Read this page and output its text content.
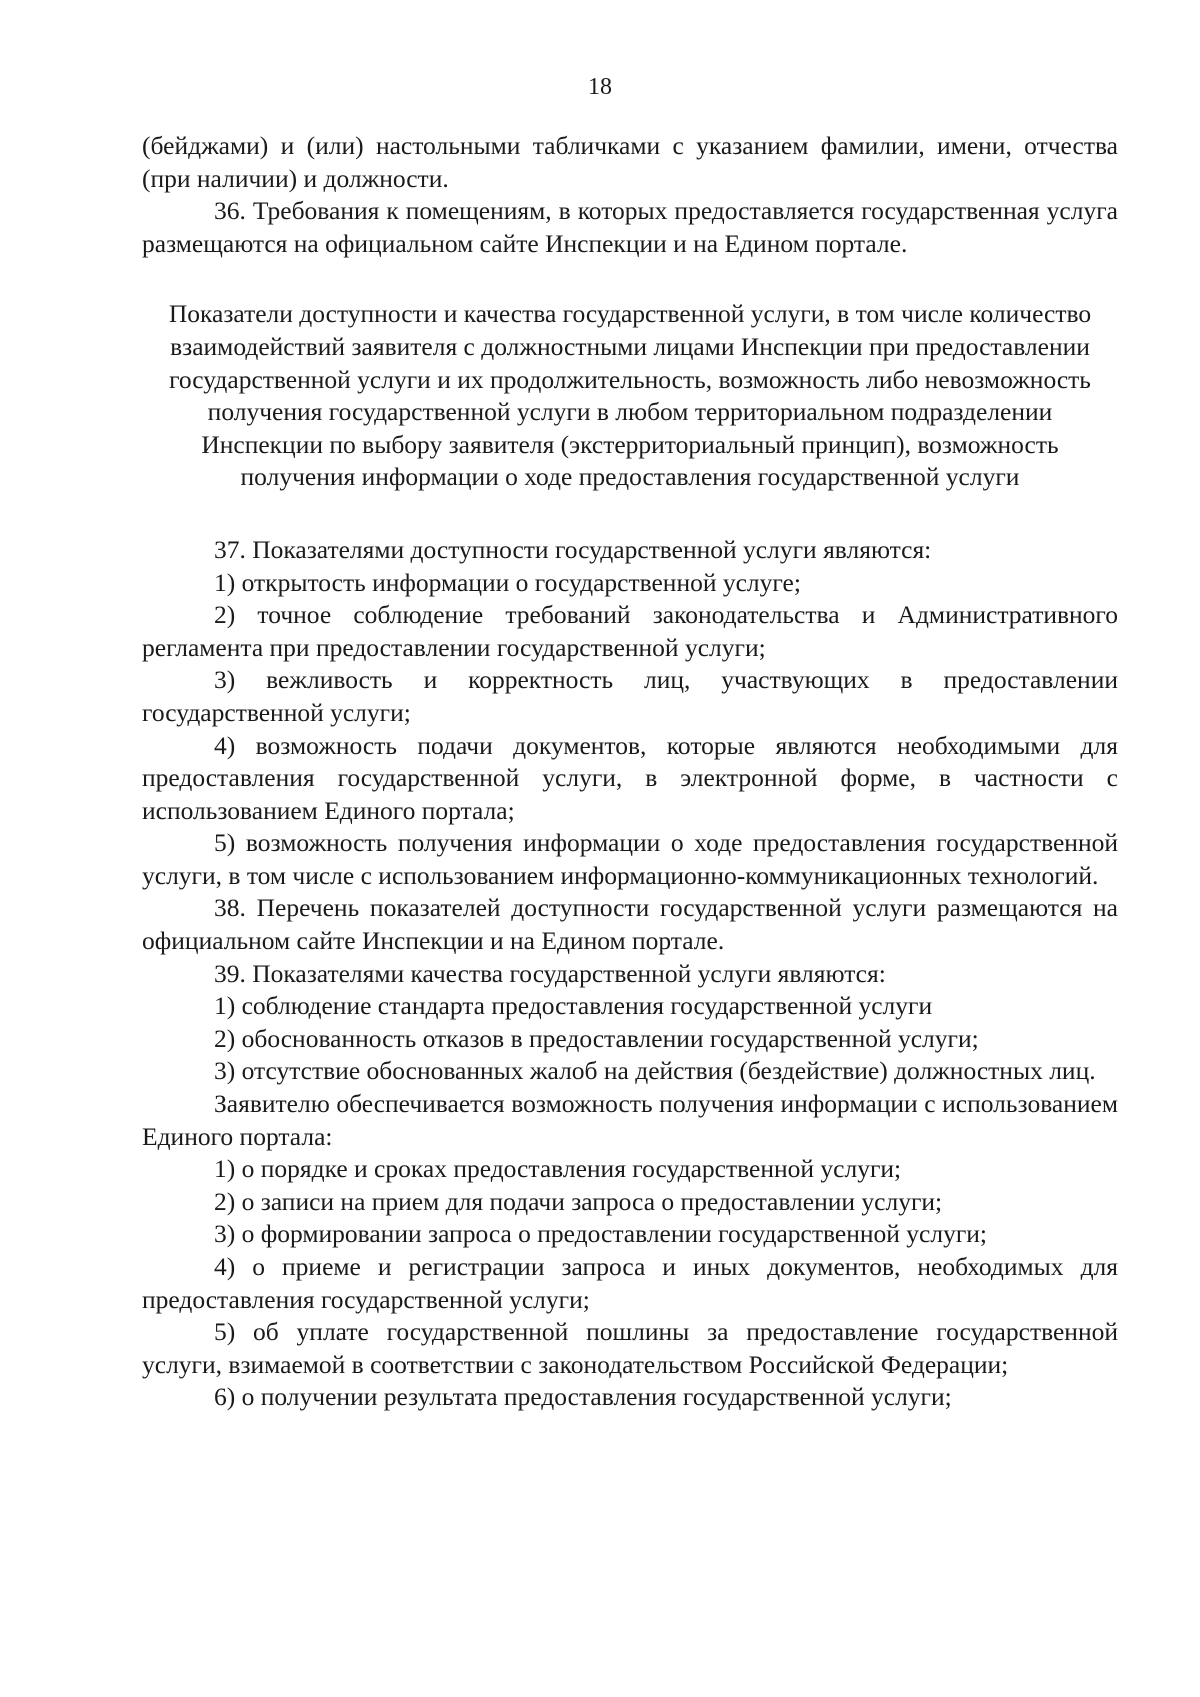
18

(бейджами) и (или) настольными табличками с указанием фамилии, имени, отчества (при наличии) и должности.

36. Требования к помещениям, в которых предоставляется государственная услуга размещаются на официальном сайте Инспекции и на Едином портале.

Показатели доступности и качества государственной услуги, в том числе количество взаимодействий заявителя с должностными лицами Инспекции при предоставлении государственной услуги и их продолжительность, возможность либо невозможность получения государственной услуги в любом территориальном подразделении Инспекции по выбору заявителя (экстерриториальный принцип), возможность получения информации о ходе предоставления государственной услуги

37. Показателями доступности государственной услуги являются:

1) открытость информации о государственной услуге;

2) точное соблюдение требований законодательства и Административного регламента при предоставлении государственной услуги;

3) вежливость и корректность лиц, участвующих в предоставлении государственной услуги;

4) возможность подачи документов, которые являются необходимыми для предоставления государственной услуги, в электронной форме, в частности с использованием Единого портала;

5) возможность получения информации о ходе предоставления государственной услуги, в том числе с использованием информационно-коммуникационных технологий.

38. Перечень показателей доступности государственной услуги размещаются на официальном сайте Инспекции и на Едином портале.

39. Показателями качества государственной услуги являются:

1) соблюдение стандарта предоставления государственной услуги

2) обоснованность отказов в предоставлении государственной услуги;

3) отсутствие обоснованных жалоб на действия (бездействие) должностных лиц.

Заявителю обеспечивается возможность получения информации с использованием Единого портала:

1) о порядке и сроках предоставления государственной услуги;

2) о записи на прием для подачи запроса о предоставлении услуги;

3) о формировании запроса о предоставлении государственной услуги;

4) о приеме и регистрации запроса и иных документов, необходимых для предоставления государственной услуги;

5) об уплате государственной пошлины за предоставление государственной услуги, взимаемой в соответствии с законодательством Российской Федерации;

6) о получении результата предоставления государственной услуги;
